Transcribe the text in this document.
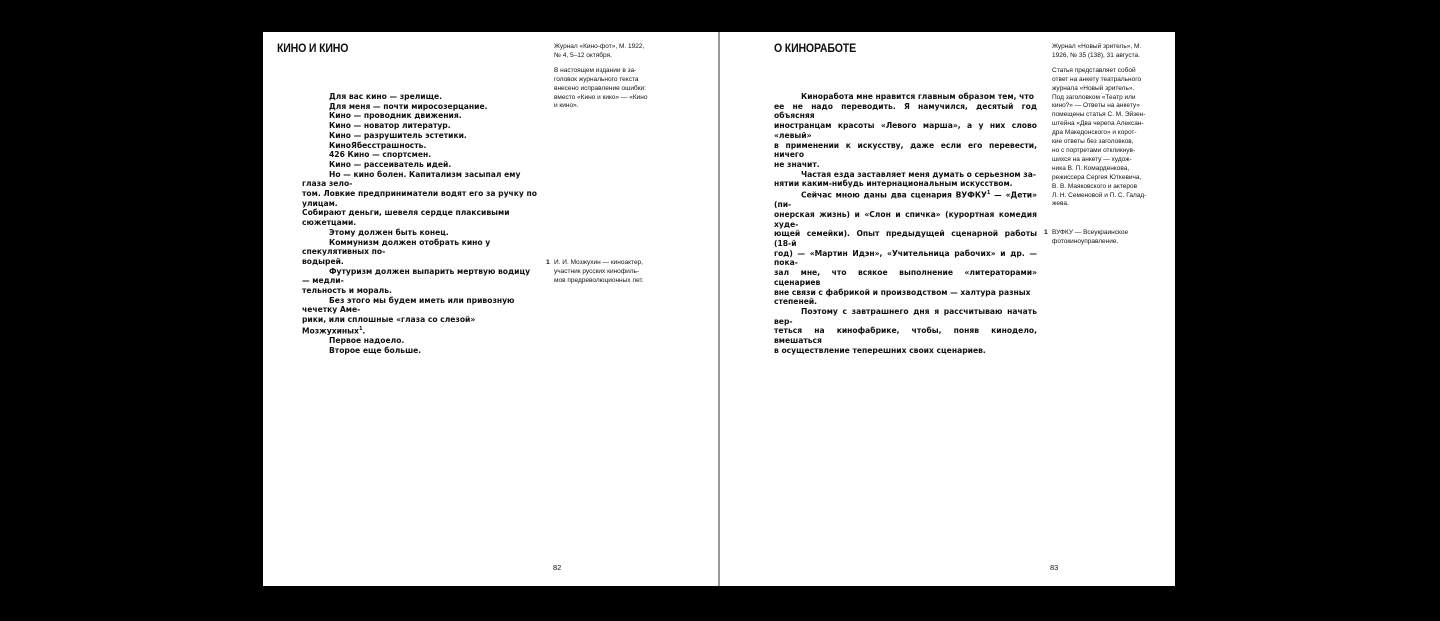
КИНО И КИНО	Журнал «Кино-фот», М. 1922,
№ 4, 5–12 октября.

В настоящем издании в за-
головок журнального текста
внесено исправление ошибки:
вместо «Кино и кико» — «Кино
и кино».

Для вас кино — зрелище.

Для меня — почти миросозерцание.

Кино — проводник движения.

Кино — новатор литератур.

Кино — разрушитель эстетики.

КиноЯбесстрашность.

426 Кино — спортсмен.

Кино — рассеиватель идей.

Но — кино болен. Капитализм засыпал ему глаза зело-

том. Ловкие предприниматели водят его за ручку по улицам.

Собирают деньги, шевеля сердце плаксивыми сюжетцами.

Этому должен быть конец.

Коммунизм должен отобрать кино у спекулятивных по-

водырей.

Футуризм должен выпарить мертвую водицу — медли-

тельность и мораль.

Без этого мы будем иметь или привозную чечетку Аме-

рики, или сплошные «глаза со слезой» Мозжухиных$^1$.

Первое надоело.

Второе еще больше.

1 И. И. Мозжухин — киноактер,
участник русских кинофиль-
мов предреволюционных лет.
82
О КИНОРАБОТЕ	Журнал «Новый зритель», М.
1926, № 35 (138), 31 августа.

Статья представляет собой
ответ на анкету театрального
журнала «Новый зритель».
Под заголовком «Театр или
кино?» — Ответы на анкету»
помещены статья С. М. Эйзен-
штейна «Два черепа Алексан-
дра Македонского» и корот-
кие ответы без заголовков,
но с портретами откликнув-
шихся на анкету — худож-
ника В. П. Комарденкова,
режиссера Сергея Юткевича,
В. В. Маяковского и актеров
Л. Н. Семеновой и П. С. Галад-
жева.

Киноработа мне нравится главным образом тем, что

ее не надо переводить. Я намучился, десятый год объясняя

иностранцам красоты «Левого марша», а у них слово «левый»

в применении к искусству, даже если его перевести, ничего

не значит.

Частая езда заставляет меня думать о серьезном за-

нятии каким-нибудь интернациональным искусством.

Сейчас мною даны два сценария ВУФКУ$^1$ — «Дети» (пи-

онерская жизнь) и «Слон и спичка» (курортная комедия худе-

ющей семейки). Опыт предыдущей сценарной работы (18-й

год) — «Мартин Идэн», «Учительница рабочих» и др. — пока-

зал мне, что всякое выполнение «литераторами» сценариев

вне связи с фабрикой и производством — халтура разных

степеней.

Поэтому с завтрашнего дня я рассчитываю начать вер-

теться на кинофабрике, чтобы, поняв кинодело, вмешаться

в осуществление теперешних своих сценариев.

1 ВУФКУ — Всеукраинское
фотокиноуправление.
83
